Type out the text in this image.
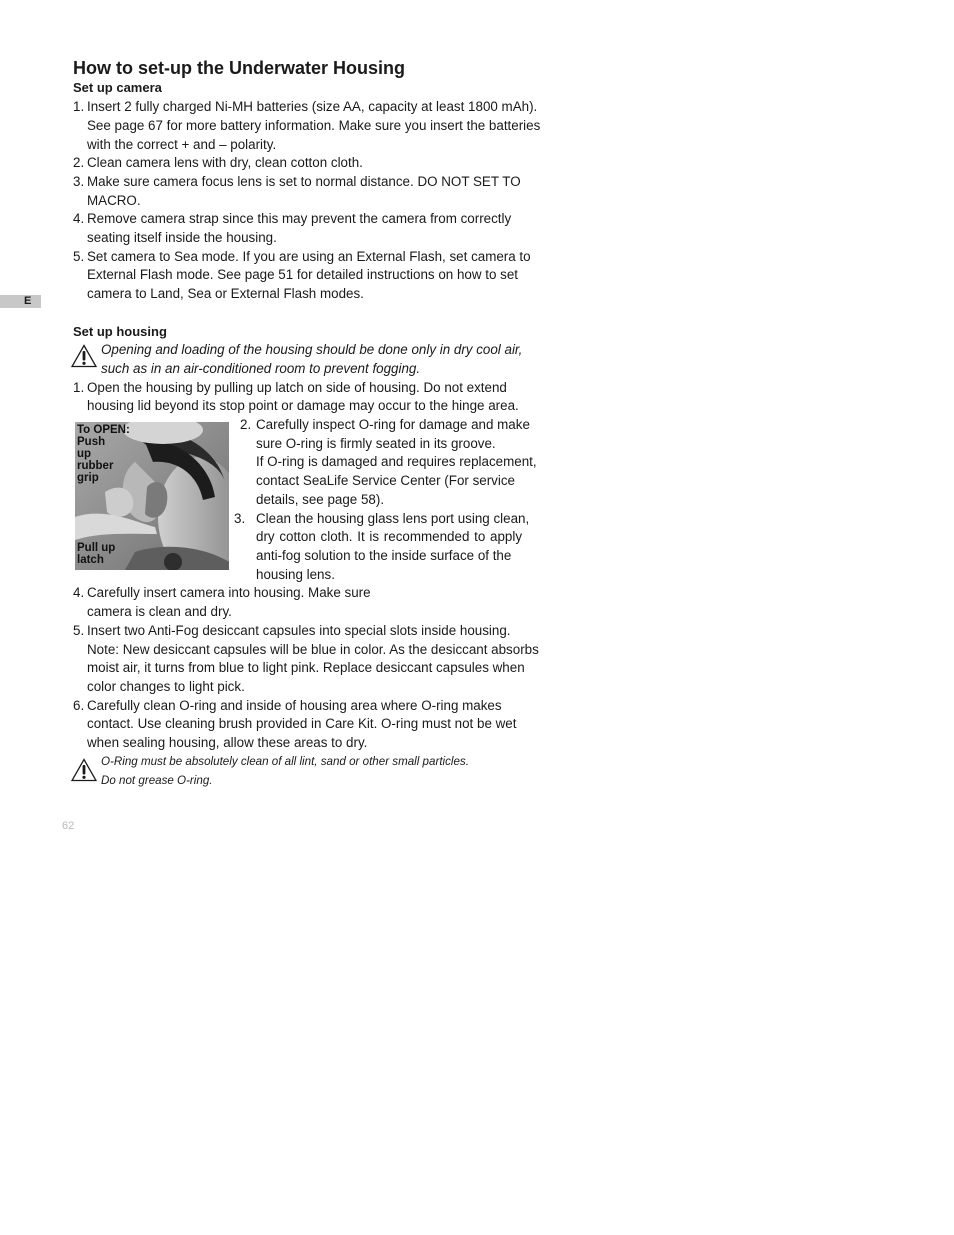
How to set-up the Underwater Housing
E
Set up camera
1. Insert 2 fully charged Ni-MH batteries (size AA, capacity at least 1800 mAh).
See page 67 for more battery information. Make sure you insert the batteries
with the correct + and – polarity.
2. Clean camera lens with dry, clean cotton cloth.
3. Make sure camera focus lens is set to normal distance. DO NOT SET TO
MACRO.
4. Remove camera strap since this may prevent the camera from correctly
seating itself inside the housing.
5. Set camera to Sea mode. If you are using an External Flash, set camera to
External Flash mode. See page 51 for detailed instructions on how to set
camera to Land, Sea or External Flash modes.
Set up housing
Opening and loading of the housing should be done only in dry cool air,
such as in an air-conditioned room to prevent fogging.
1. Open the housing by pulling up latch on side of housing. Do not extend
housing lid beyond its stop point or damage may occur to the hinge area.
To OPEN:
Push
up
rubber
grip
Pull up
latch
2. Carefully inspect O-ring for damage and make
sure O-ring is firmly seated in its groove.
If O-ring is damaged and requires replacement,
contact SeaLife Service Center (For service
details, see page 58).
3. Clean the housing glass lens port using clean,
dry cotton cloth. It is recommended to apply
anti-fog solution to the inside surface of the
housing lens.
4. Carefully insert camera into housing. Make sure
camera is clean and dry.
5. Insert two Anti-Fog desiccant capsules into special slots inside housing.
Note: New desiccant capsules will be blue in color. As the desiccant absorbs
moist air, it turns from blue to light pink. Replace desiccant capsules when
color changes to light pick.
6. Carefully clean O-ring and inside of housing area where O-ring makes
contact. Use cleaning brush provided in Care Kit. O-ring must not be wet
when sealing housing, allow these areas to dry.
O-Ring must be absolutely clean of all lint, sand or other small particles.
Do not grease O-ring.
62
